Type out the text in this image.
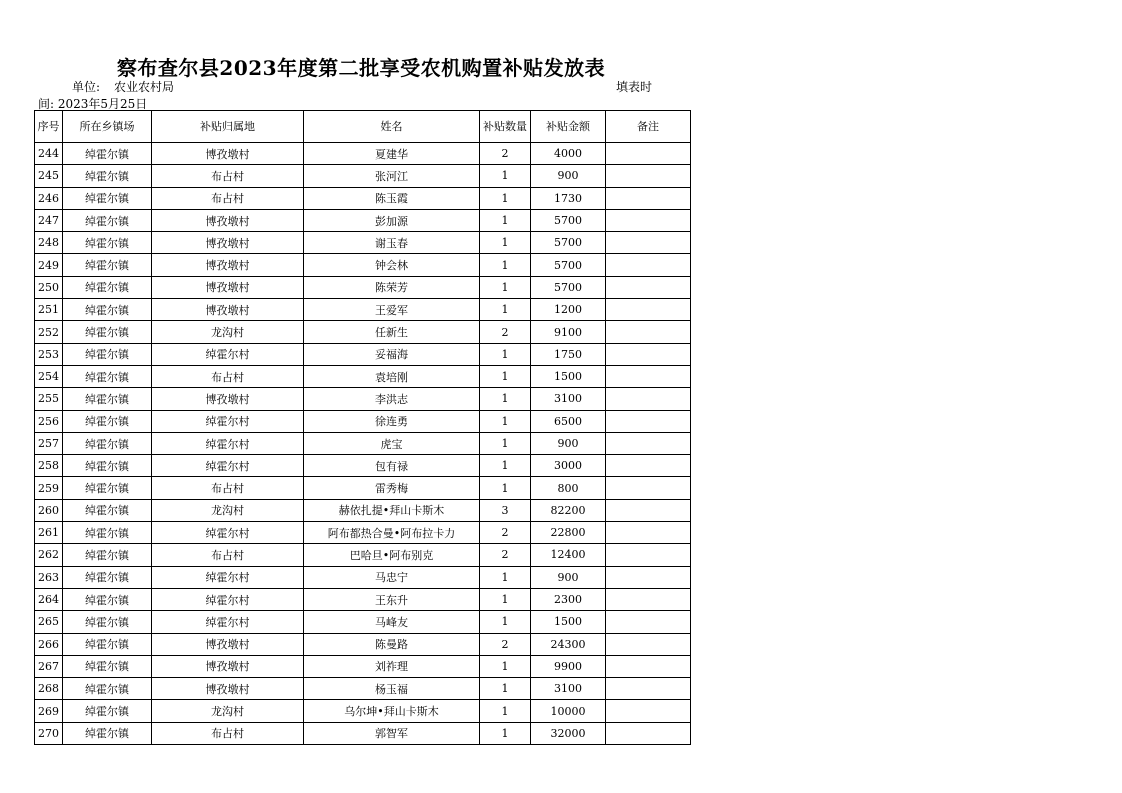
察布查尔县2023年度第二批享受农机购置补贴发放表
单位: 农业农村局	填表时
间: 2023年5月25日
序号	所在乡镇场	补贴归属地	姓名	补贴数量	补贴金额	备注
244	绰霍尔镇	博孜墩村	夏建华	2	4000	
245	绰霍尔镇	布占村	张河江	1	900	
246	绰霍尔镇	布占村	陈玉霞	1	1730	
247	绰霍尔镇	博孜墩村	彭加源	1	5700	
248	绰霍尔镇	博孜墩村	谢玉春	1	5700	
249	绰霍尔镇	博孜墩村	钟会林	1	5700	
250	绰霍尔镇	博孜墩村	陈荣芳	1	5700	
251	绰霍尔镇	博孜墩村	王爱军	1	1200	
252	绰霍尔镇	龙沟村	任新生	2	9100	
253	绰霍尔镇	绰霍尔村	妥福海	1	1750	
254	绰霍尔镇	布占村	袁培刚	1	1500	
255	绰霍尔镇	博孜墩村	李洪志	1	3100	
256	绰霍尔镇	绰霍尔村	徐连勇	1	6500	
257	绰霍尔镇	绰霍尔村	虎宝	1	900	
258	绰霍尔镇	绰霍尔村	包有禄	1	3000	
259	绰霍尔镇	布占村	雷秀梅	1	800	
260	绰霍尔镇	龙沟村	赫依扎提•拜山卡斯木	3	82200	
261	绰霍尔镇	绰霍尔村	阿布都热合曼•阿布拉卡力	2	22800	
262	绰霍尔镇	布占村	巴哈旦•阿布别克	2	12400	
263	绰霍尔镇	绰霍尔村	马忠宁	1	900	
264	绰霍尔镇	绰霍尔村	王东升	1	2300	
265	绰霍尔镇	绰霍尔村	马峰友	1	1500	
266	绰霍尔镇	博孜墩村	陈曼路	2	24300	
267	绰霍尔镇	博孜墩村	刘祚理	1	9900	
268	绰霍尔镇	博孜墩村	杨玉福	1	3100	
269	绰霍尔镇	龙沟村	乌尔坤•拜山卡斯木	1	10000	
270	绰霍尔镇	布占村	郭智军	1	32000	
